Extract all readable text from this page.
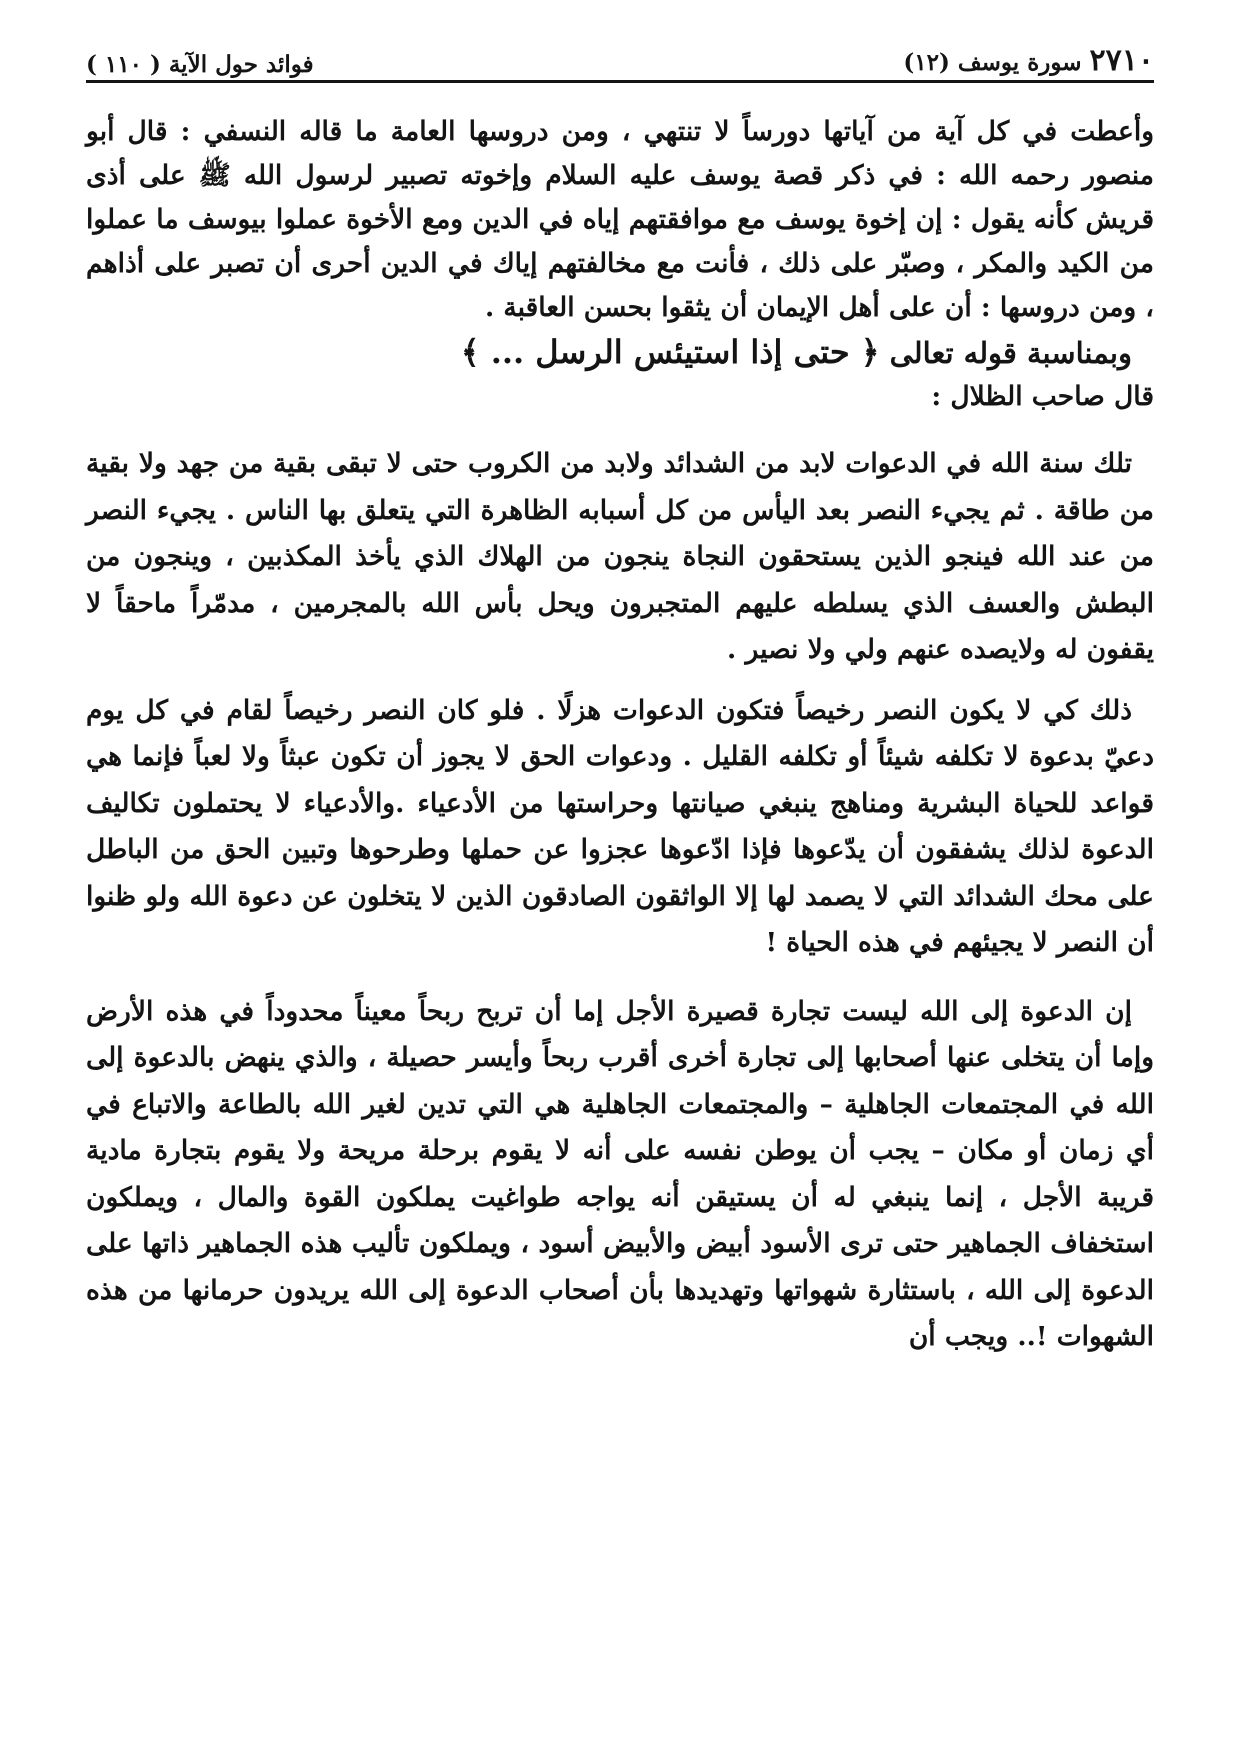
٢٧١٠ سورة يوسف (١٢)
فوائد حول الآية ( ١١٠ )

وأعطت في كل آية من آياتها دورساً لا تنتهي ، ومن دروسها العامة ما قاله النسفي : قال أبو منصور رحمه الله : في ذكر قصة يوسف عليه السلام وإخوته تصبير لرسول الله ﷺ على أذى قريش كأنه يقول : إن إخوة يوسف مع موافقتهم إياه في الدين ومع الأخوة عملوا بيوسف ما عملوا من الكيد والمكر ، وصبّر على ذلك ، فأنت مع مخالفتهم إياك في الدين أحرى أن تصبر على أذاهم ، ومن دروسها : أن على أهل الإيمان أن يثقوا بحسن العاقبة .

وبمناسبة قوله تعالى ﴿ حتى إذا استيئس الرسل ... ﴾

قال صاحب الظلال :

تلك سنة الله في الدعوات لابد من الشدائد ولابد من الكروب حتى لا تبقى بقية من جهد ولا بقية من طاقة . ثم يجيء النصر بعد اليأس من كل أسبابه الظاهرة التي يتعلق بها الناس . يجيء النصر من عند الله فينجو الذين يستحقون النجاة ينجون من الهلاك الذي يأخذ المكذبين ، وينجون من البطش والعسف الذي يسلطه عليهم المتجبرون ويحل بأس الله بالمجرمين ، مدمّراً ماحقاً لا يقفون له ولايصده عنهم ولي ولا نصير .

ذلك كي لا يكون النصر رخيصاً فتكون الدعوات هزلًا . فلو كان النصر رخيصاً لقام في كل يوم دعيّ بدعوة لا تكلفه شيئاً أو تكلفه القليل . ودعوات الحق لا يجوز أن تكون عبثاً ولا لعباً فإنما هي قواعد للحياة البشرية ومناهج ينبغي صيانتها وحراستها من الأدعياء .والأدعياء لا يحتملون تكاليف الدعوة لذلك يشفقون أن يدّعوها فإذا ادّعوها عجزوا عن حملها وطرحوها وتبين الحق من الباطل على محك الشدائد التي لا يصمد لها إلا الواثقون الصادقون الذين لا يتخلون عن دعوة الله ولو ظنوا أن النصر لا يجيئهم في هذه الحياة !

إن الدعوة إلى الله ليست تجارة قصيرة الأجل إما أن تربح ربحاً معيناً محدوداً في هذه الأرض وإما أن يتخلى عنها أصحابها إلى تجارة أخرى أقرب ربحاً وأيسر حصيلة ، والذي ينهض بالدعوة إلى الله في المجتمعات الجاهلية – والمجتمعات الجاهلية هي التي تدين لغير الله بالطاعة والاتباع في أي زمان أو مكان – يجب أن يوطن نفسه على أنه لا يقوم برحلة مريحة ولا يقوم بتجارة مادية قريبة الأجل ، إنما ينبغي له أن يستيقن أنه يواجه طواغيت يملكون القوة والمال ، ويملكون استخفاف الجماهير حتى ترى الأسود أبيض والأبيض أسود ، ويملكون تأليب هذه الجماهير ذاتها على الدعوة إلى الله ، باستثارة شهواتها وتهديدها بأن أصحاب الدعوة إلى الله يريدون حرمانها من هذه الشهوات !.. ويجب أن
